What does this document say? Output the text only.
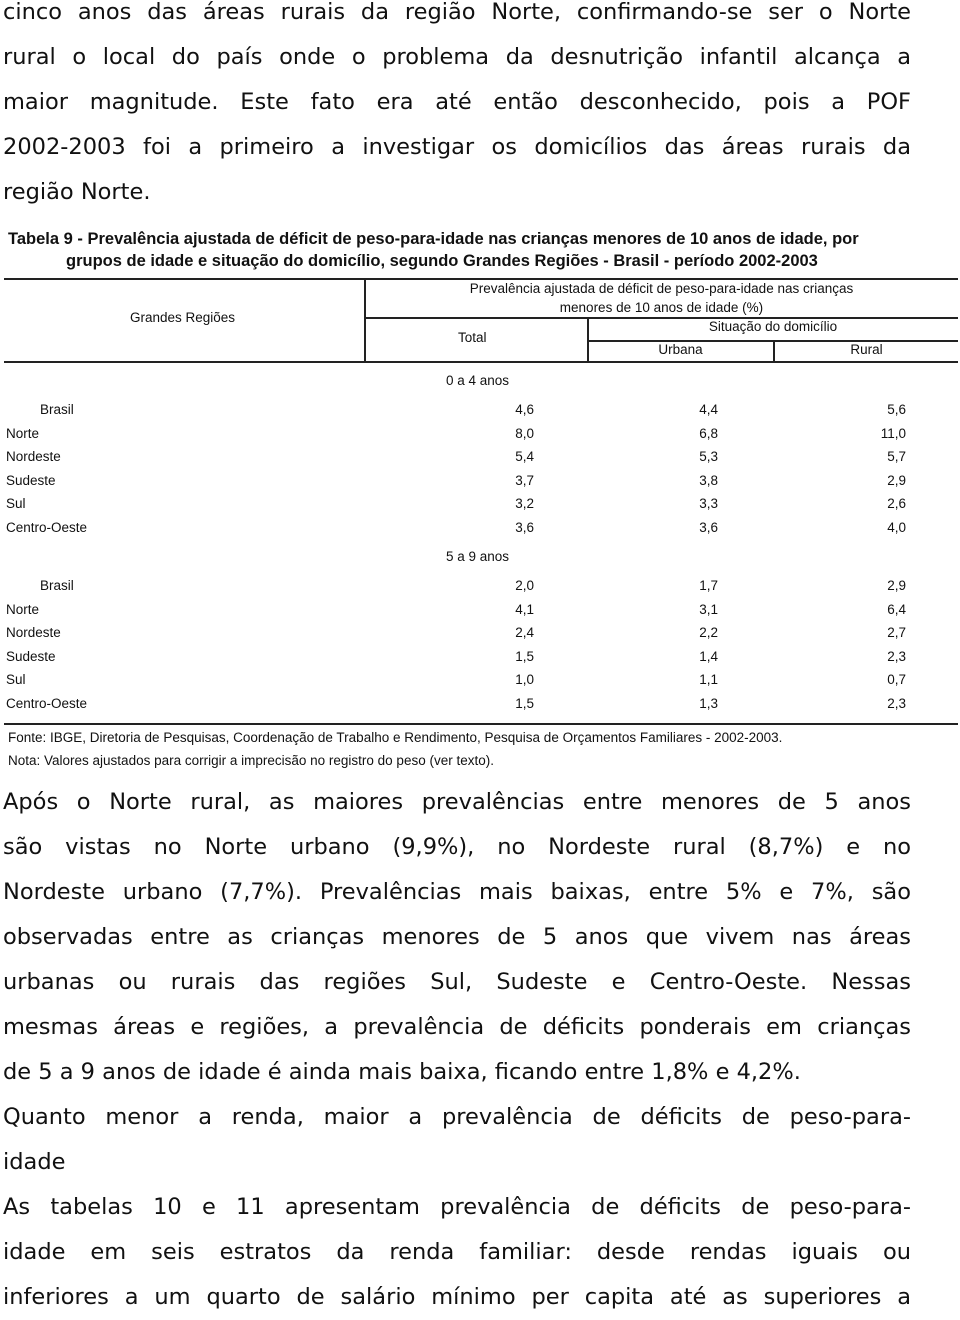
cinco anos das áreas rurais da região Norte, confirmando-se ser o Norte
rural o local do país onde o problema da desnutrição infantil alcança a
maior magnitude. Este fato era até então desconhecido, pois a POF
2002-2003 foi a primeiro a investigar os domicílios das áreas rurais da
região Norte.
Tabela 9 - Prevalência ajustada de déficit de peso-para-idade nas crianças menores de 10 anos de idade, por
grupos de idade e situação do domicílio, segundo Grandes Regiões - Brasil - período 2002-2003
Grandes Regiões
Prevalência ajustada de déficit de peso-para-idade nas crianças
menores de 10 anos de idade (%)
Total
Situação do domicílio
Urbana	Rural
0 a 4 anos
Brasil	4,6	4,4	5,6
Norte	8,0	6,8	11,0
Nordeste	5,4	5,3	5,7
Sudeste	3,7	3,8	2,9
Sul	3,2	3,3	2,6
Centro-Oeste	3,6	3,6	4,0
5 a 9 anos
Brasil	2,0	1,7	2,9
Norte	4,1	3,1	6,4
Nordeste	2,4	2,2	2,7
Sudeste	1,5	1,4	2,3
Sul	1,0	1,1	0,7
Centro-Oeste	1,5	1,3	2,3
Fonte: IBGE, Diretoria de Pesquisas, Coordenação de Trabalho e Rendimento, Pesquisa de Orçamentos Familiares - 2002-2003.
Nota: Valores ajustados para corrigir a imprecisão no registro do peso (ver texto).
Após o Norte rural, as maiores prevalências entre menores de 5 anos
são vistas no Norte urbano (9,9%), no Nordeste rural (8,7%) e no
Nordeste urbano (7,7%). Prevalências mais baixas, entre 5% e 7%, são
observadas entre as crianças menores de 5 anos que vivem nas áreas
urbanas ou rurais das regiões Sul, Sudeste e Centro-Oeste. Nessas
mesmas áreas e regiões, a prevalência de déficits ponderais em crianças
de 5 a 9 anos de idade é ainda mais baixa, ficando entre 1,8% e 4,2%.
Quanto menor a renda, maior a prevalência de déficits de peso-para-
idade
As tabelas 10 e 11 apresentam prevalência de déficits de peso-para-
idade em seis estratos da renda familiar: desde rendas iguais ou
inferiores a um quarto de salário mínimo per capita até as superiores a
